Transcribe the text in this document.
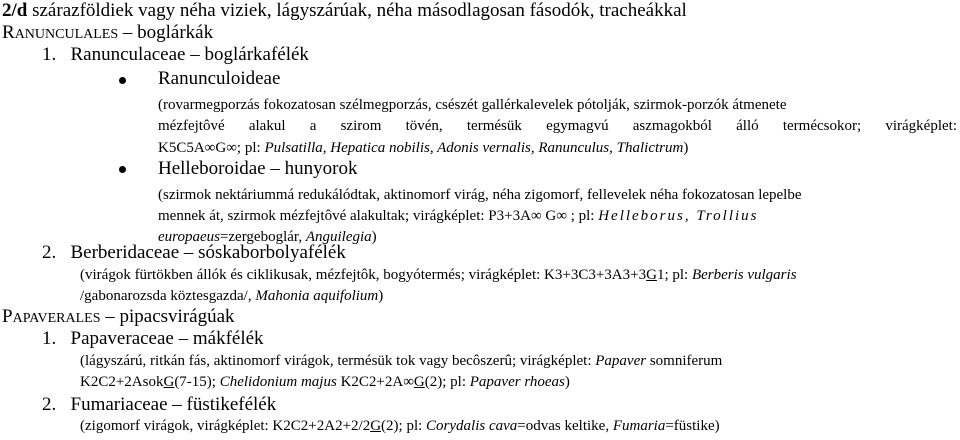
2/d szárazföldiek vagy néha viziek, lágyszárúak, néha másodlagosan fásodók, tracheákkal
RANUNCULALES – boglárkák
1. Ranunculaceae – boglárkafélék
Ranunculoideae
(rovarmegporzás fokozatosan szélmegporzás, csészét gallérkalevelek pótolják, szirmok-porzók átmenete
mézfejtôvé alakul a szirom tövén, termésük egymagvú aszmagokból álló termécsokor; virágképlet:
K5C5A∞G∞; pl: Pulsatilla, Hepatica nobilis, Adonis vernalis, Ranunculus, Thalictrum)
Helleboroidae – hunyorok
(szirmok nektáriummá redukálódtak, aktinomorf virág, néha zigomorf, fellevelek néha fokozatosan lepelbe
mennek át, szirmok mézfejtôvé alakultak; virágképlet: P3+3A∞ G∞ ; pl: Helleborus, Trollius
europaeus=zergeboglár, Anguilegia)
2. Berberidaceae – sóskaborbolyafélék
(virágok fürtökben állók és ciklikusak, mézfejtôk, bogyótermés; virágképlet: K3+3C3+3A3+3G1; pl: Berberis vulgaris
/gabonarozsda köztesgazda/, Mahonia aquifolium)
PAPAVERALES – pipacsvirágúak
1. Papaveraceae – mákfélék
(lágyszárú, ritkán fás, aktinomorf virágok, termésük tok vagy becôszerû; virágképlet: Papaver somniferum
K2C2+2AsokG(7-15); Chelidonium majus K2C2+2A∞G(2); pl: Papaver rhoeas)
2. Fumariaceae – füstikefélék
(zigomorf virágok, virágképlet: K2C2+2A2+2/2G(2); pl: Corydalis cava=odvas keltike, Fumaria=füstike)
